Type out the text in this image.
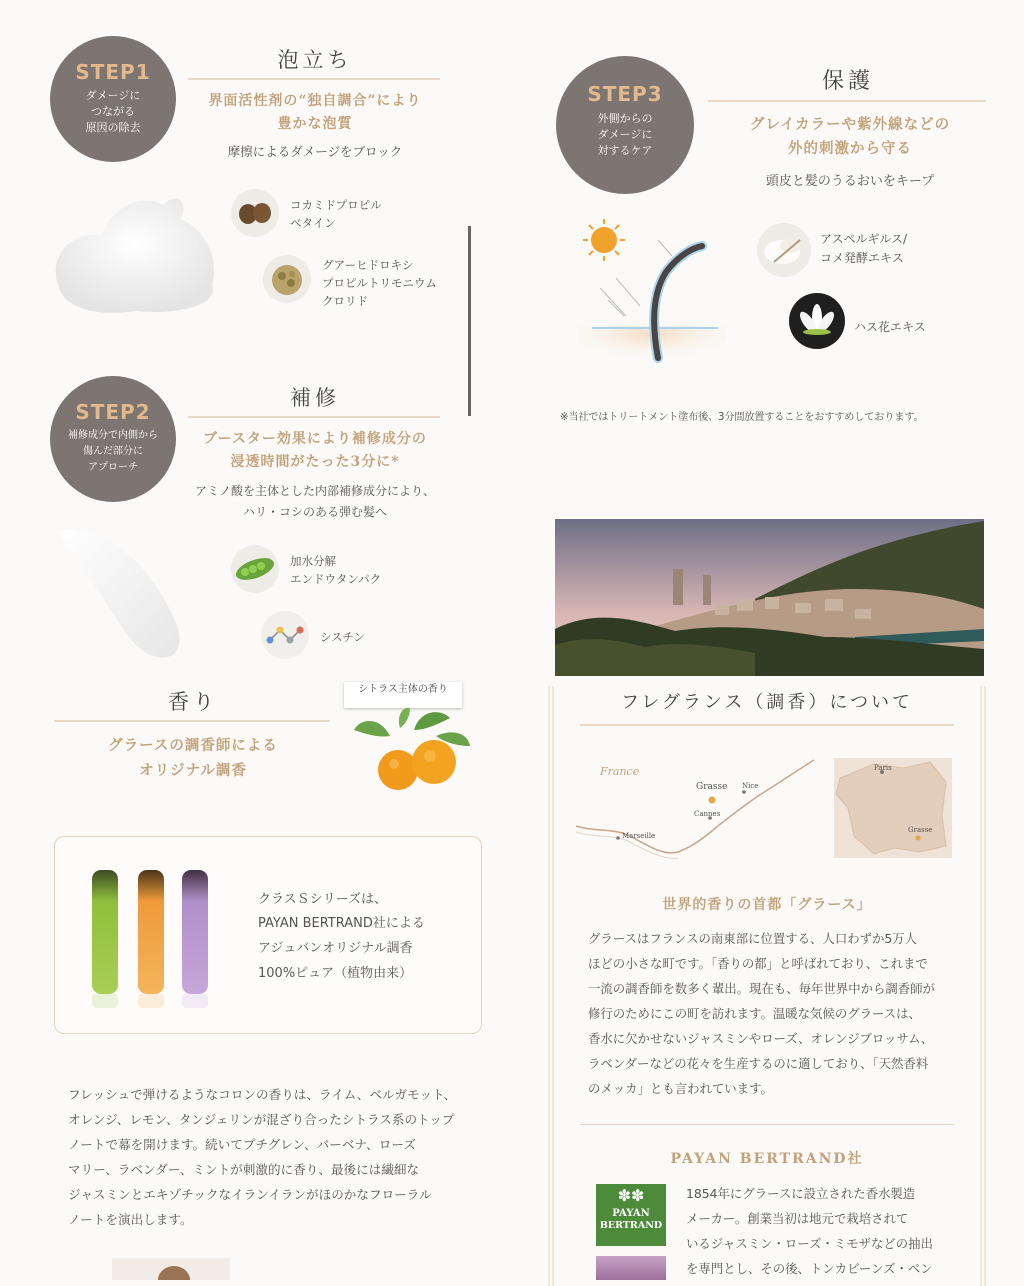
STEP1
ダメージに
つながる
原因の除去
泡立ち
界面活性剤の“独自調合”により
豊かな泡質
摩擦によるダメージをブロック
コカミドプロピル
ベタイン
グアーヒドロキシ
プロピルトリモニウム
クロリド
STEP2
補修成分で内側から
傷んだ部分に
アプローチ
補修
ブースター効果により補修成分の
浸透時間がたった3分に*
アミノ酸を主体とした内部補修成分により、
ハリ・コシのある弾む髪へ
加水分解
エンドウタンパク
シスチン
STEP3
外側からの
ダメージに
対するケア
保護
グレイカラーや紫外線などの
外的刺激から守る
頭皮と髪のうるおいをキープ
アスペルギルス/
コメ発酵エキス
ハス花エキス
※当社ではトリートメント塗布後、3分間放置することをおすすめしております。
香り
シトラス主体の香り
グラースの調香師による
オリジナル調香
クラスＳシリーズは、
PAYAN BERTRAND社による
アジュバンオリジナル調香
100%ピュア（植物由来）
フレッシュで弾けるようなコロンの香りは、ライム、ベルガモット、
オレンジ、レモン、タンジェリンが混ざり合ったシトラス系のトップ
ノートで幕を開けます。続いてプチグレン、バーベナ、ローズ
マリー、ラベンダー、ミントが刺激的に香り、最後には繊細な
ジャスミンとエキゾチックなイランイランがほのかなフローラル
ノートを演出します。
フレグランス（調香）について
France
Grasse Nice
Cannes
Marseille
Paris
Grasse
世界的香りの首都「グラース」
グラースはフランスの南東部に位置する、人口わずか5万人
ほどの小さな町です。「香りの都」と呼ばれており、これまで
一流の調香師を数多く輩出。現在も、毎年世界中から調香師が
修行のためにこの町を訪れます。温暖な気候のグラースは、
香水に欠かせないジャスミンやローズ、オレンジブロッサム、
ラベンダーなどの花々を生産するのに適しており、「天然香料
のメッカ」とも言われています。
PAYAN BERTRAND社
✽✽
PAYAN
BERTRAND
1854年にグラースに設立された香水製造
メーカー。創業当初は地元で栽培されて
いるジャスミン・ローズ・ミモザなどの抽出
を専門とし、その後、トンカビーンズ・ベン
